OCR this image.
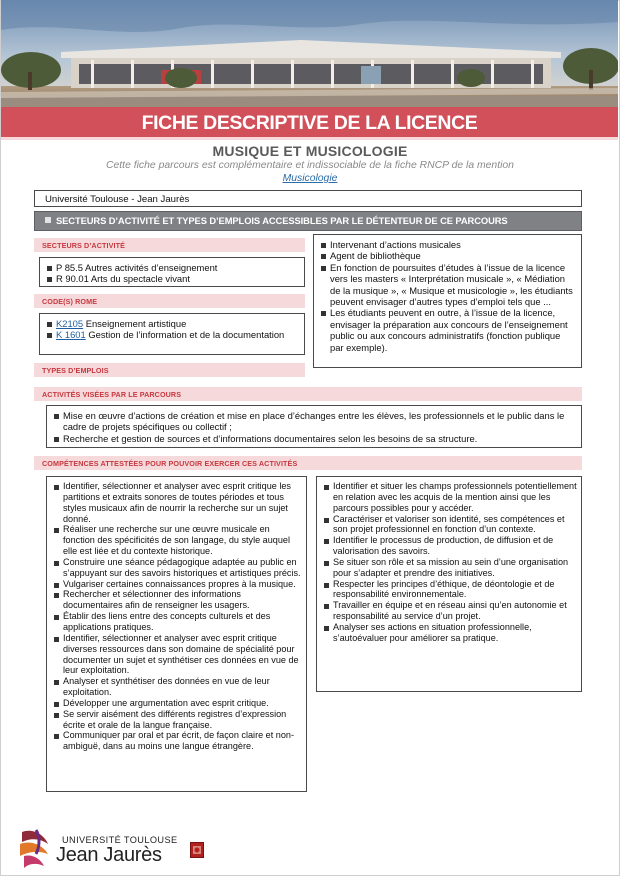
FICHE DESCRIPTIVE DE LA LICENCE
MUSIQUE ET MUSICOLOGIE
Cette fiche parcours est complémentaire et indissociable de la fiche RNCP de la mention
Musicologie
Université Toulouse - Jean Jaurès
SECTEURS D’ACTIVITÉ ET TYPES D’EMPLOIS ACCESSIBLES PAR LE DÉTENTEUR DE CE PARCOURS
SECTEURS D’ACTIVITÉ
P 85.5 Autres activités d’enseignement
R 90.01 Arts du spectacle vivant
CODE(S) ROME
K2105 Enseignement artistique
K 1601 Gestion de l’information et de la documentation
TYPES D’EMPLOIS
Intervenant d’actions musicales
Agent de bibliothèque
En fonction de poursuites d’études à l’issue de la licence vers les masters « Interprétation musicale », « Médiation de la musique », « Musique et musicologie », les étudiants peuvent envisager d’autres types d’emploi tels que ...
Les étudiants peuvent en outre, à l’issue de la licence, envisager la préparation aux concours de l’enseignement public ou aux concours administratifs (fonction publique par exemple).
ACTIVITÉS VISÉES PAR LE PARCOURS
Mise en œuvre d’actions de création et mise en place d’échanges entre les élèves, les professionnels et le public dans le cadre de projets spécifiques ou collectif ;
Recherche et gestion de sources et d’informations documentaires selon les besoins de sa structure.
COMPÉTENCES ATTESTÉES POUR POUVOIR EXERCER CES ACTIVITÉS
Identifier, sélectionner et analyser avec esprit critique les partitions et extraits sonores de toutes périodes et tous styles musicaux afin de nourrir la recherche sur un sujet donné.
Réaliser une recherche sur une œuvre musicale en fonction des spécificités de son langage, du style auquel elle est liée et du contexte historique.
Construire une séance pédagogique adaptée au public en s’appuyant sur des savoirs historiques et artistiques précis.
Vulgariser certaines connaissances propres à la musique.
Rechercher et sélectionner des informations documentaires afin de renseigner les usagers.
Établir des liens entre des concepts culturels et des applications pratiques.
Identifier, sélectionner et analyser avec esprit critique diverses ressources dans son domaine de spécialité pour documenter un sujet et synthétiser ces données en vue de leur exploitation.
Analyser et synthétiser des données en vue de leur exploitation.
Développer une argumentation avec esprit critique.
Se servir aisément des différents registres d’expression écrite et orale de la langue française.
Communiquer par oral et par écrit, de façon claire et non-ambiguë, dans au moins une langue étrangère.
Identifier et situer les champs professionnels potentiellement en relation avec les acquis de la mention ainsi que les parcours possibles pour y accéder.
Caractériser et valoriser son identité, ses compétences et son projet professionnel en fonction d’un contexte.
Identifier le processus de production, de diffusion et de valorisation des savoirs.
Se situer son rôle et sa mission au sein d’une organisation pour s’adapter et prendre des initiatives.
Respecter les principes d’éthique, de déontologie et de responsabilité environnementale.
Travailler en équipe et en réseau ainsi qu’en autonomie et responsabilité au service d’un projet.
Analyser ses actions en situation professionnelle, s’autoévaluer pour améliorer sa pratique.
UNIVERSITÉ TOULOUSE
Jean Jaurès
